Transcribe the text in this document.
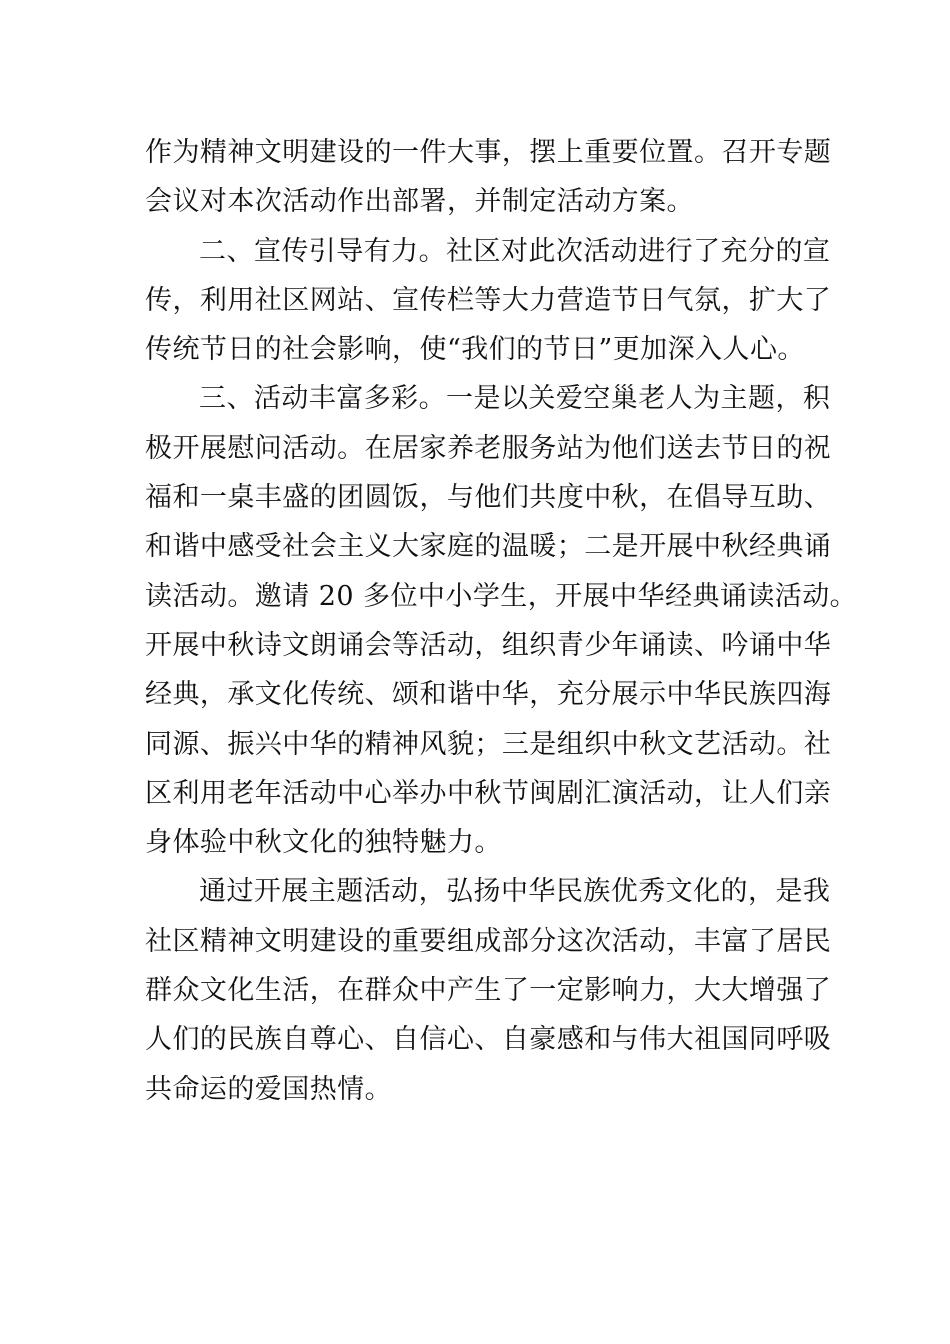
作为精神文明建设的一件大事，摆上重要位置。召开专题
会议对本次活动作出部署，并制定活动方案。
二、宣传引导有力。社区对此次活动进行了充分的宣
传，利用社区网站、宣传栏等大力营造节日气氛，扩大了
传统节日的社会影响，使“我们的节日”更加深入人心。
三、活动丰富多彩。一是以关爱空巢老人为主题，积
极开展慰问活动。在居家养老服务站为他们送去节日的祝
福和一桌丰盛的团圆饭，与他们共度中秋，在倡导互助、
和谐中感受社会主义大家庭的温暖；二是开展中秋经典诵
读活动。邀请 20 多位中小学生，开展中华经典诵读活动。
开展中秋诗文朗诵会等活动，组织青少年诵读、吟诵中华
经典，承文化传统、颂和谐中华，充分展示中华民族四海
同源、振兴中华的精神风貌；三是组织中秋文艺活动。社
区利用老年活动中心举办中秋节闽剧汇演活动，让人们亲
身体验中秋文化的独特魅力。
通过开展主题活动，弘扬中华民族优秀文化的，是我
社区精神文明建设的重要组成部分这次活动，丰富了居民
群众文化生活，在群众中产生了一定影响力，大大增强了
人们的民族自尊心、自信心、自豪感和与伟大祖国同呼吸
共命运的爱国热情。
